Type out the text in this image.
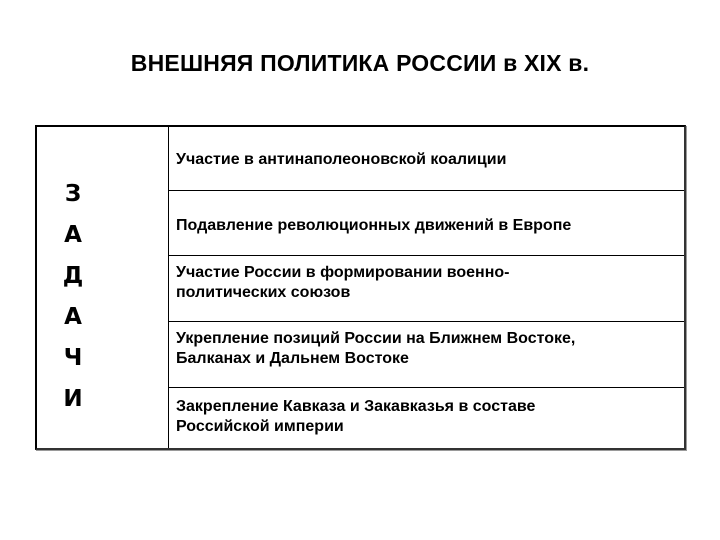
ВНЕШНЯЯ ПОЛИТИКА РОССИИ в XIX в.
З
А
Д
А
Ч
И
Участие в антинаполеоновской коалиции
Подавление революционных движений в Европе
Участие России в формировании военно-
политических союзов
Укрепление позиций России на Ближнем Востоке,
Балканах и Дальнем Востоке
Закрепление Кавказа и Закавказья в составе
Российской империи
